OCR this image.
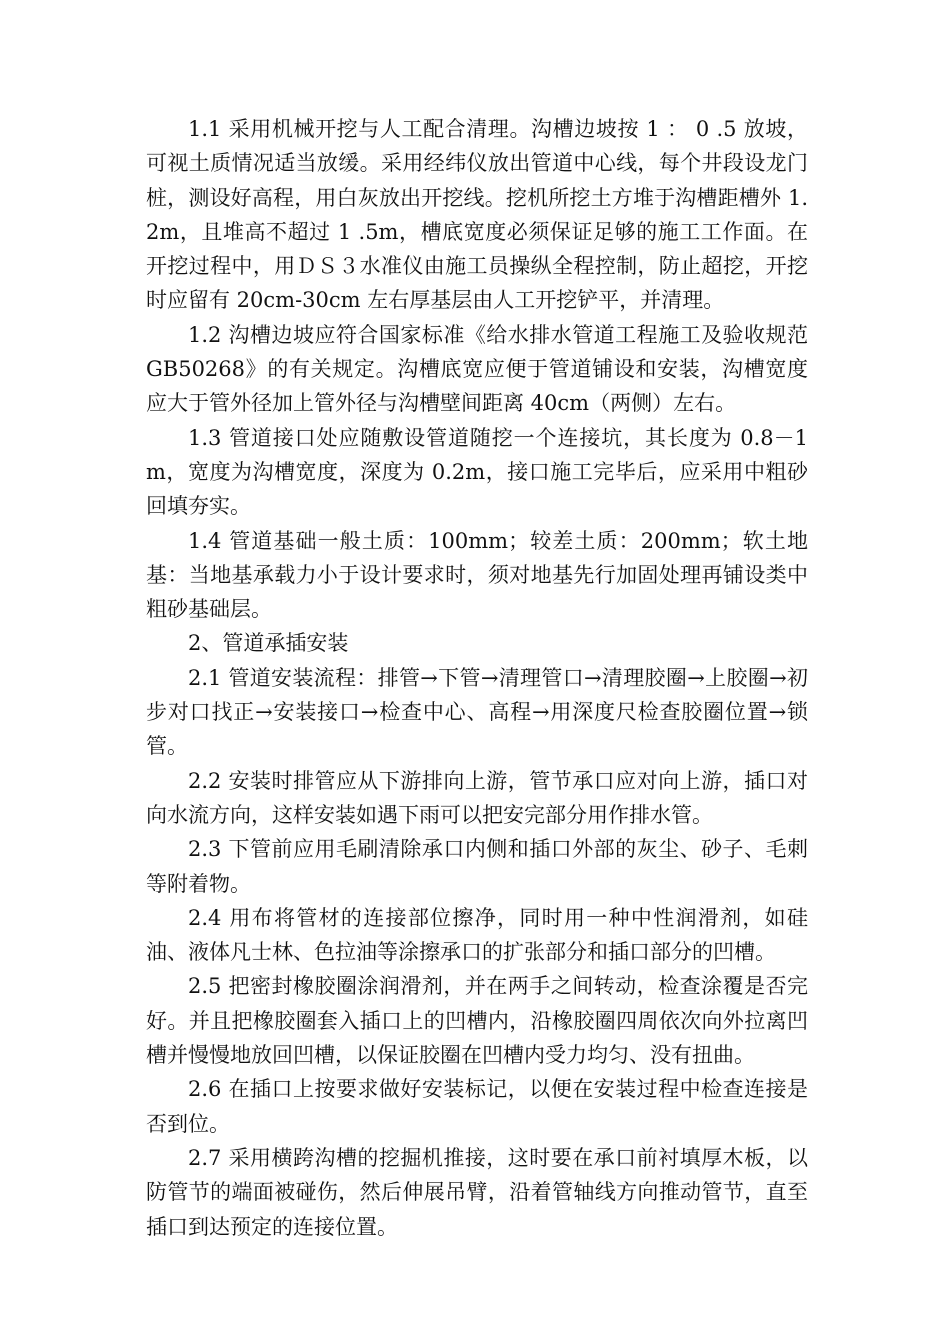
1.1 采用机械开挖与人工配合清理。沟槽边坡按 1 ： 0 .5 放坡，可视土质情况适当放缓。采用经纬仪放出管道中心线，每个井段设龙门桩，测设好高程，用白灰放出开挖线。挖机所挖土方堆于沟槽距槽外 1.2m，且堆高不超过 1 .5m，槽底宽度必须保证足够的施工工作面。在开挖过程中，用ＤＳ３水准仪由施工员操纵全程控制，防止超挖，开挖时应留有 20cm-30cm 左右厚基层由人工开挖铲平，并清理。

1.2 沟槽边坡应符合国家标准《给水排水管道工程施工及验收规范 GB50268》的有关规定。沟槽底宽应便于管道铺设和安装，沟槽宽度应大于管外径加上管外径与沟槽壁间距离 40cm（两侧）左右。

1.3 管道接口处应随敷设管道随挖一个连接坑，其长度为 0.8－1m，宽度为沟槽宽度，深度为 0.2m，接口施工完毕后，应采用中粗砂回填夯实。

1.4 管道基础一般土质：100mm；较差土质：200mm；软土地基：当地基承载力小于设计要求时，须对地基先行加固处理再铺设类中粗砂基础层。

2、管道承插安装

2.1 管道安装流程：排管→下管→清理管口→清理胶圈→上胶圈→初步对口找正→安装接口→检查中心、高程→用深度尺检查胶圈位置→锁管。

2.2 安装时排管应从下游排向上游，管节承口应对向上游，插口对向水流方向，这样安装如遇下雨可以把安完部分用作排水管。

2.3 下管前应用毛刷清除承口内侧和插口外部的灰尘、砂子、毛刺等附着物。

2.4 用布将管材的连接部位擦净，同时用一种中性润滑剂，如硅油、液体凡士林、色拉油等涂擦承口的扩张部分和插口部分的凹槽。

2.5 把密封橡胶圈涂润滑剂，并在两手之间转动，检查涂覆是否完好。并且把橡胶圈套入插口上的凹槽内，沿橡胶圈四周依次向外拉离凹槽并慢慢地放回凹槽，以保证胶圈在凹槽内受力均匀、没有扭曲。

2.6 在插口上按要求做好安装标记，以便在安装过程中检查连接是否到位。

2.7 采用横跨沟槽的挖掘机推接，这时要在承口前衬填厚木板，以防管节的端面被碰伤，然后伸展吊臂，沿着管轴线方向推动管节，直至插口到达预定的连接位置。
